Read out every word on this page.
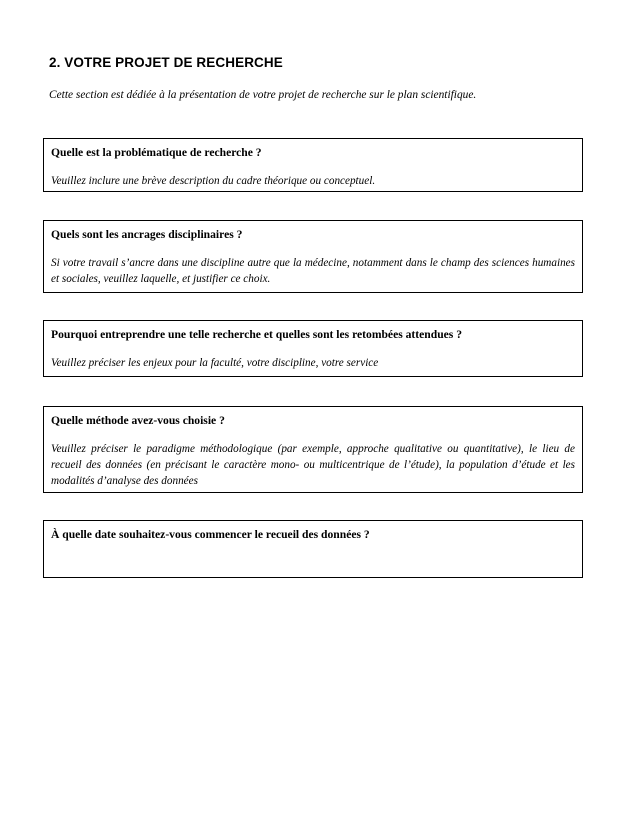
2. VOTRE PROJET DE RECHERCHE
Cette section est dédiée à la présentation de votre projet de recherche sur le plan scientifique.
Quelle est la problématique de recherche ?
Veuillez inclure une brève description du cadre théorique ou conceptuel.
Quels sont les ancrages disciplinaires ?
Si votre travail s’ancre dans une discipline autre que la médecine, notamment dans le champ des sciences humaines et sociales, veuillez laquelle, et justifier ce choix.
Pourquoi entreprendre une telle recherche et quelles sont les retombées attendues ?
Veuillez préciser les enjeux pour la faculté, votre discipline, votre service
Quelle méthode avez-vous choisie ?
Veuillez préciser le paradigme méthodologique (par exemple, approche qualitative ou quantitative), le lieu de recueil des données (en précisant le caractère mono- ou multicentrique de l’étude), la population d’étude et les modalités d’analyse des données
À quelle date souhaitez-vous commencer le recueil des données ?
